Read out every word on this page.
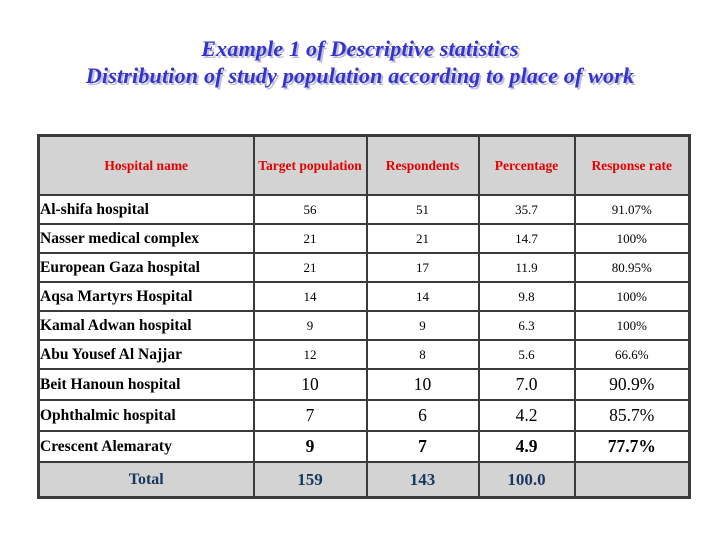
Example 1 of Descriptive statistics
Distribution of study population according to place of work
Hospital name	Target population	Respondents	Percentage	Response rate
Al-shifa hospital	56	51	35.7	91.07%
Nasser medical complex	21	21	14.7	100%
European Gaza hospital	21	17	11.9	80.95%
Aqsa Martyrs Hospital	14	14	9.8	100%
Kamal Adwan hospital	9	9	6.3	100%
Abu Yousef Al Najjar	12	8	5.6	66.6%
Beit Hanoun hospital	10	10	7.0	90.9%
Ophthalmic hospital	7	6	4.2	85.7%
Crescent Alemaraty	9	7	4.9	77.7%
Total	159	143	100.0	
